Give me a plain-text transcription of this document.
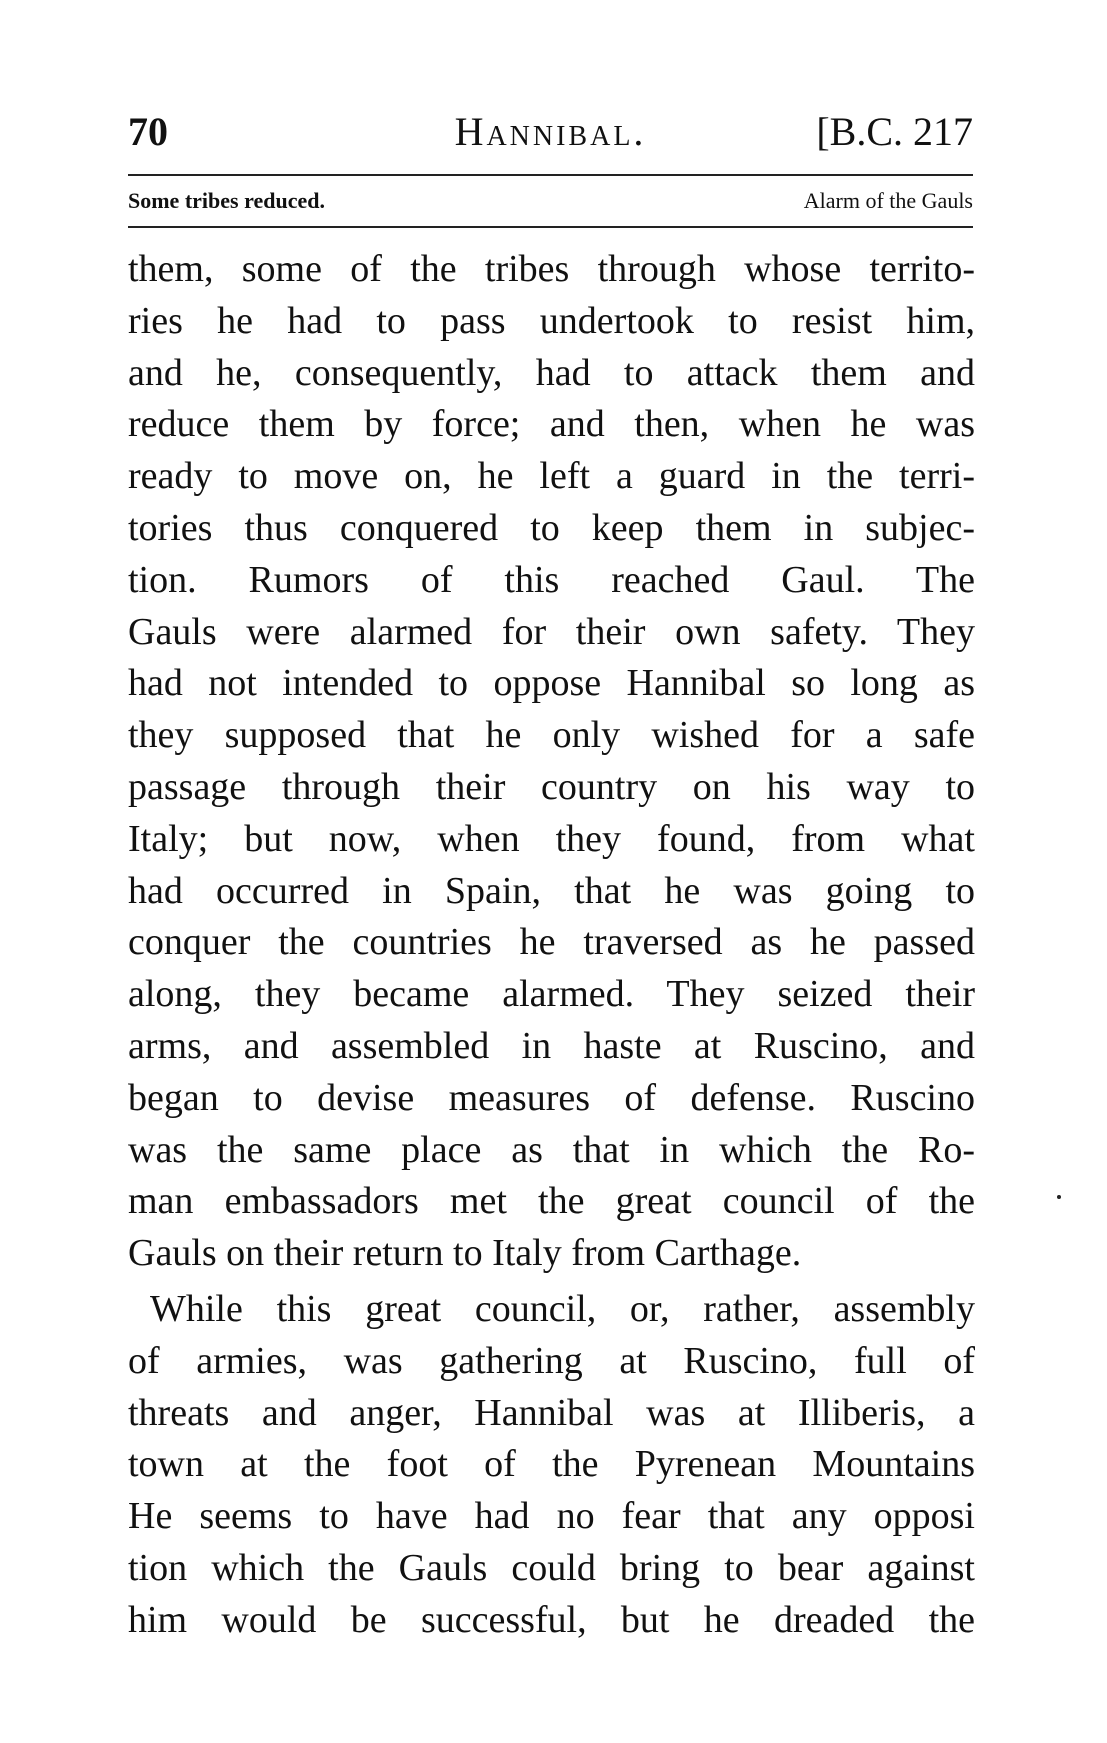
70	Hannibal.	[B.C. 217
Some tribes reduced.	Alarm of the Gauls
them, some of the tribes through whose territo-
ries he had to pass undertook to resist him,
and he, consequently, had to attack them and
reduce them by force; and then, when he was
ready to move on, he left a guard in the terri-
tories thus conquered to keep them in subjec-
tion. Rumors of this reached Gaul. The
Gauls were alarmed for their own safety. They
had not intended to oppose Hannibal so long as
they supposed that he only wished for a safe
passage through their country on his way to
Italy; but now, when they found, from what
had occurred in Spain, that he was going to
conquer the countries he traversed as he passed
along, they became alarmed. They seized their
arms, and assembled in haste at Ruscino, and
began to devise measures of defense. Ruscino
was the same place as that in which the Ro-
man embassadors met the great council of the
Gauls on their return to Italy from Carthage.
While this great council, or, rather, assembly
of armies, was gathering at Ruscino, full of
threats and anger, Hannibal was at Illiberis, a
town at the foot of the Pyrenean Mountains
He seems to have had no fear that any opposi
tion which the Gauls could bring to bear against
him would be successful, but he dreaded the
